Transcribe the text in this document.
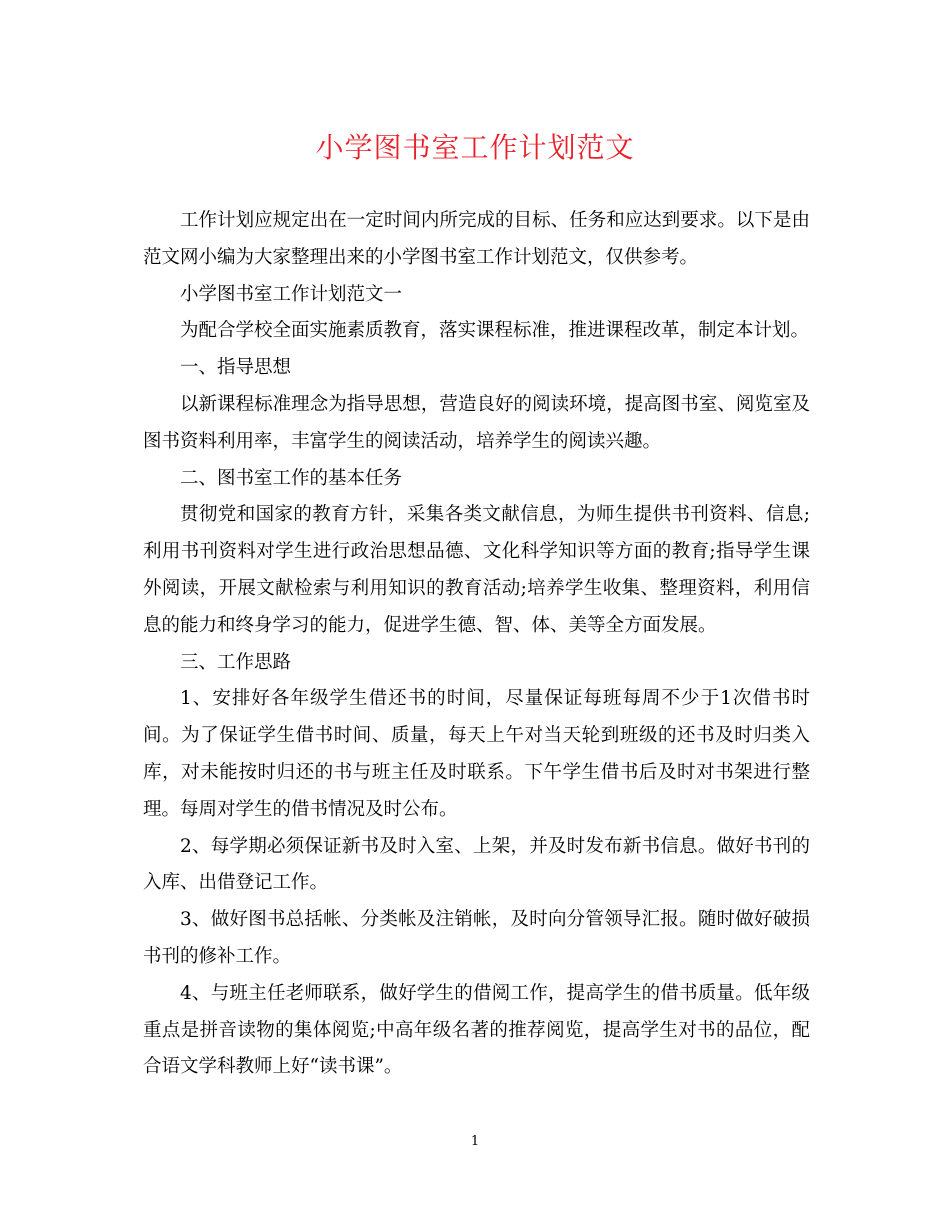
小学图书室工作计划范文

工作计划应规定出在一定时间内所完成的目标、任务和应达到要求。以下是由范文网小编为大家整理出来的小学图书室工作计划范文，仅供参考。

小学图书室工作计划范文一

为配合学校全面实施素质教育，落实课程标准，推进课程改革，制定本计划。

一、指导思想

以新课程标准理念为指导思想，营造良好的阅读环境，提高图书室、阅览室及图书资料利用率，丰富学生的阅读活动，培养学生的阅读兴趣。

二、图书室工作的基本任务

贯彻党和国家的教育方针，采集各类文献信息，为师生提供书刊资料、信息;利用书刊资料对学生进行政治思想品德、文化科学知识等方面的教育;指导学生课外阅读，开展文献检索与利用知识的教育活动;培养学生收集、整理资料，利用信息的能力和终身学习的能力，促进学生德、智、体、美等全方面发展。

三、工作思路

1、安排好各年级学生借还书的时间，尽量保证每班每周不少于1次借书时间。为了保证学生借书时间、质量，每天上午对当天轮到班级的还书及时归类入库，对未能按时归还的书与班主任及时联系。下午学生借书后及时对书架进行整理。每周对学生的借书情况及时公布。

2、每学期必须保证新书及时入室、上架，并及时发布新书信息。做好书刊的入库、出借登记工作。

3、做好图书总括帐、分类帐及注销帐，及时向分管领导汇报。随时做好破损书刊的修补工作。

4、与班主任老师联系，做好学生的借阅工作，提高学生的借书质量。低年级重点是拼音读物的集体阅览;中高年级名著的推荐阅览，提高学生对书的品位，配合语文学科教师上好“读书课”。

1
